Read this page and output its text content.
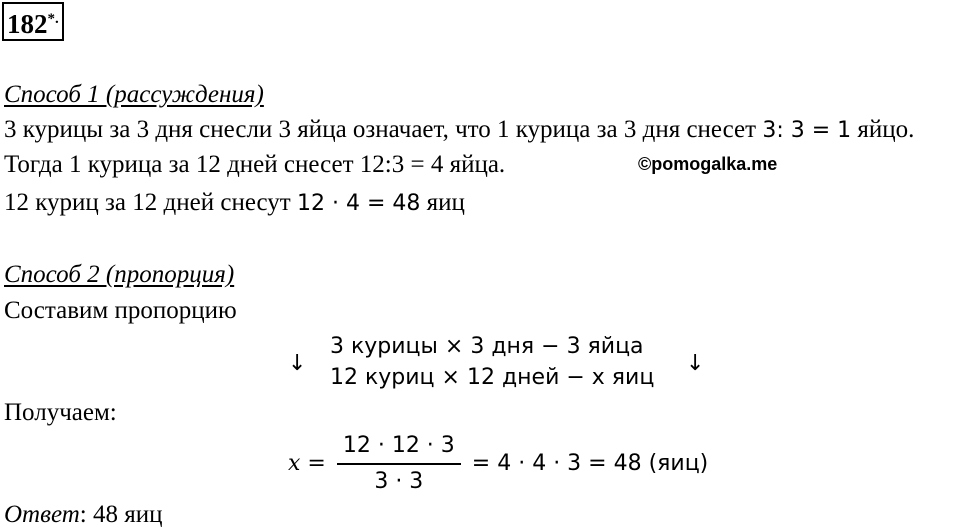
182*.
Способ 1 (рассуждения)
3 курицы за 3 дня снесли 3 яйца означает, что 1 курица за 3 дня снесет 3: 3 = 1 яйцо.
Тогда 1 курица за 12 дней снесет 12:3 = 4 яйца.	©pomogalka.me
12 куриц за 12 дней снесут 12 · 4 = 48 яиц
Способ 2 (пропорция)
Составим пропорцию
↓
3 курицы × 3 дня − 3 яйца
12 куриц × 12 дней − x яиц
↓
Получаем:
$x = \frac{12 \cdot 12 \cdot 3}{3 \cdot 3} = 4 \cdot 4 \cdot 3 = 48$ (яиц)
Ответ: 48 яиц
